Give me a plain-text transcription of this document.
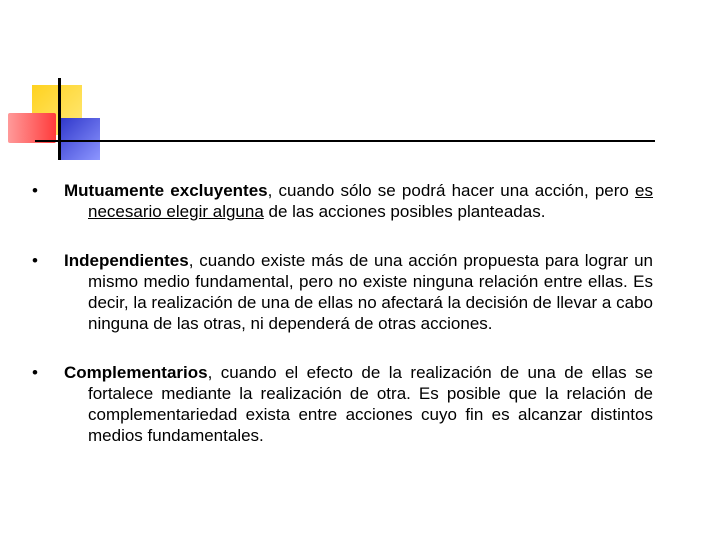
• Mutuamente excluyentes, cuando sólo se podrá hacer una acción, pero es necesario elegir alguna de las acciones posibles planteadas.

• Independientes, cuando existe más de una acción propuesta para lograr un mismo medio fundamental, pero no existe ninguna relación entre ellas. Es decir, la realización de una de ellas no afectará la decisión de llevar a cabo ninguna de las otras, ni dependerá de otras acciones.

• Complementarios, cuando el efecto de la realización de una de ellas se fortalece mediante la realización de otra. Es posible que la relación de complementariedad exista entre acciones cuyo fin es alcanzar distintos medios fundamentales.
